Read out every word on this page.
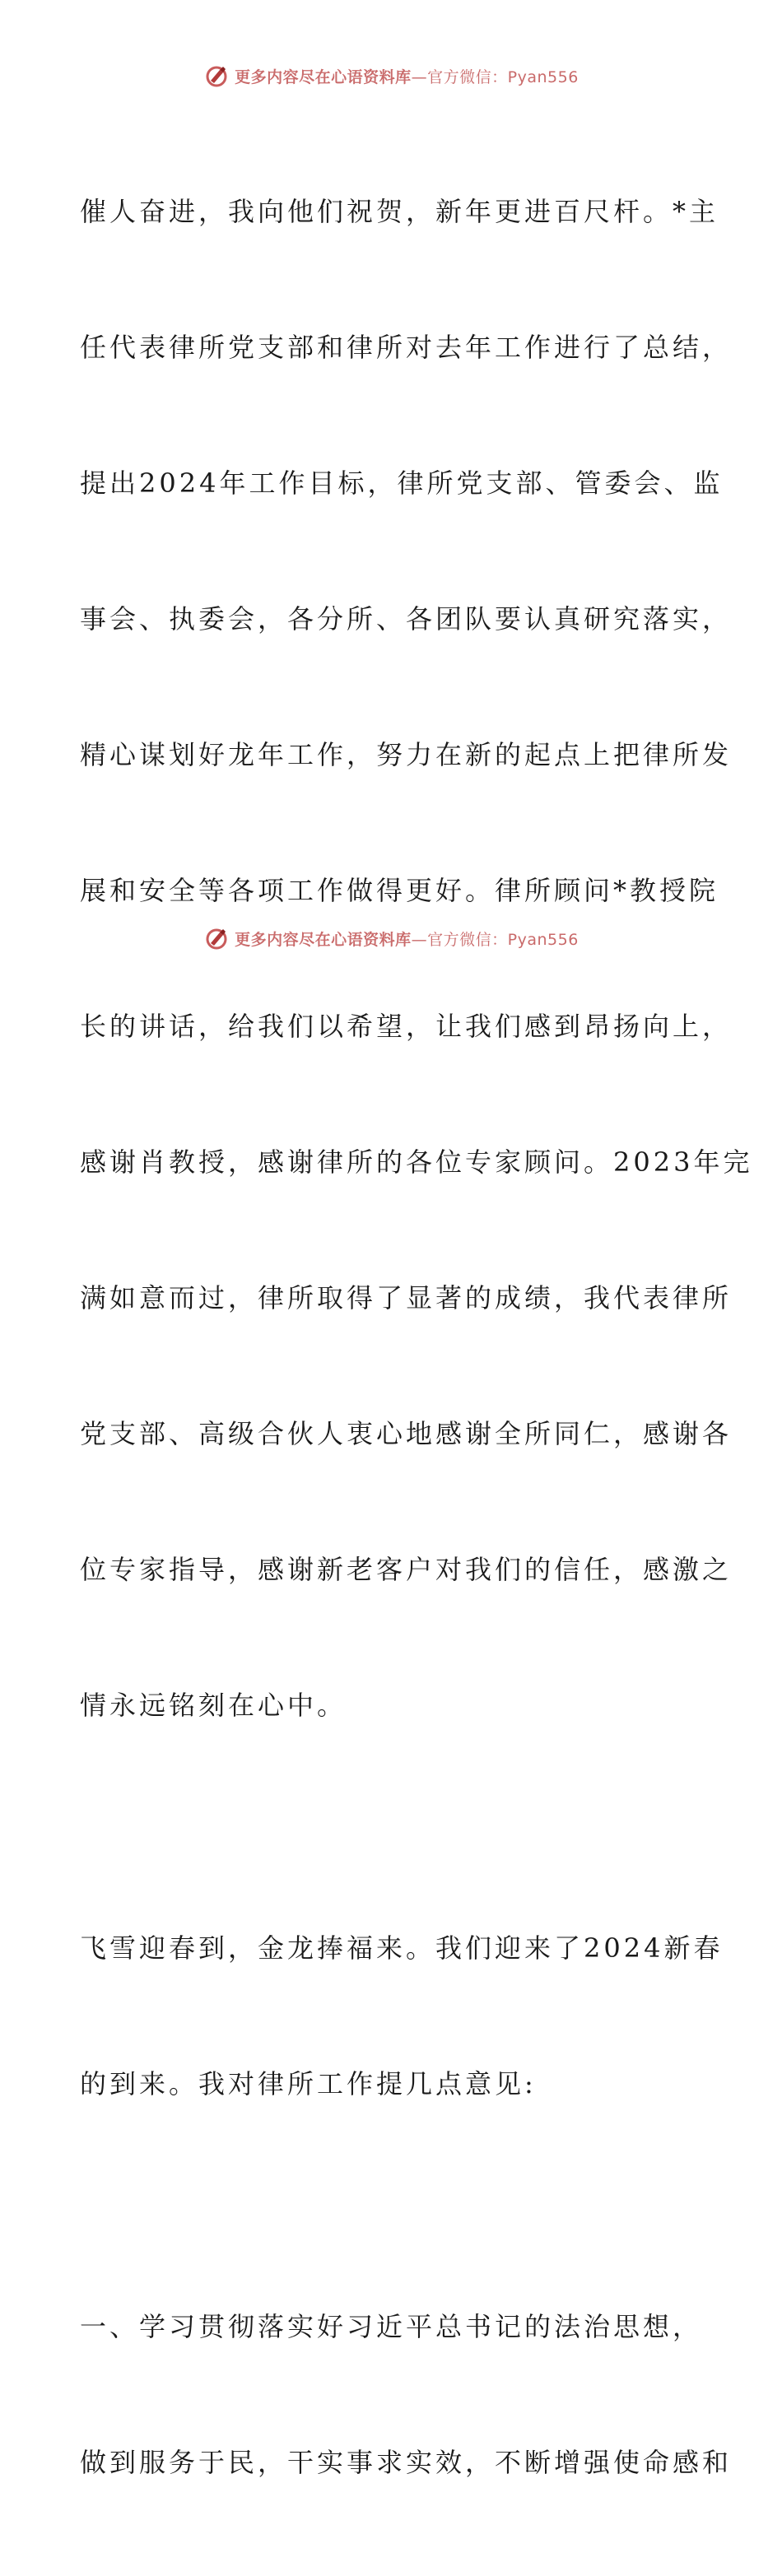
更多内容尽在心语资料库—官方微信：Pyan556

催人奋进，我向他们祝贺，新年更进百尺杆。*主

任代表律所党支部和律所对去年工作进行了总结，

提出2024年工作目标，律所党支部、管委会、监

事会、执委会，各分所、各团队要认真研究落实，

精心谋划好龙年工作，努力在新的起点上把律所发

展和安全等各项工作做得更好。律所顾问*教授院

长的讲话，给我们以希望，让我们感到昂扬向上，

感谢肖教授，感谢律所的各位专家顾问。2023年完

满如意而过，律所取得了显著的成绩，我代表律所

党支部、高级合伙人衷心地感谢全所同仁，感谢各

位专家指导，感谢新老客户对我们的信任，感激之

情永远铭刻在心中。

飞雪迎春到，金龙捧福来。我们迎来了2024新春

的到来。我对律所工作提几点意见:

一、学习贯彻落实好习近平总书记的法治思想，

做到服务于民，干实事求实效，不断增强使命感和

更多内容尽在心语资料库—官方微信：Pyan556
